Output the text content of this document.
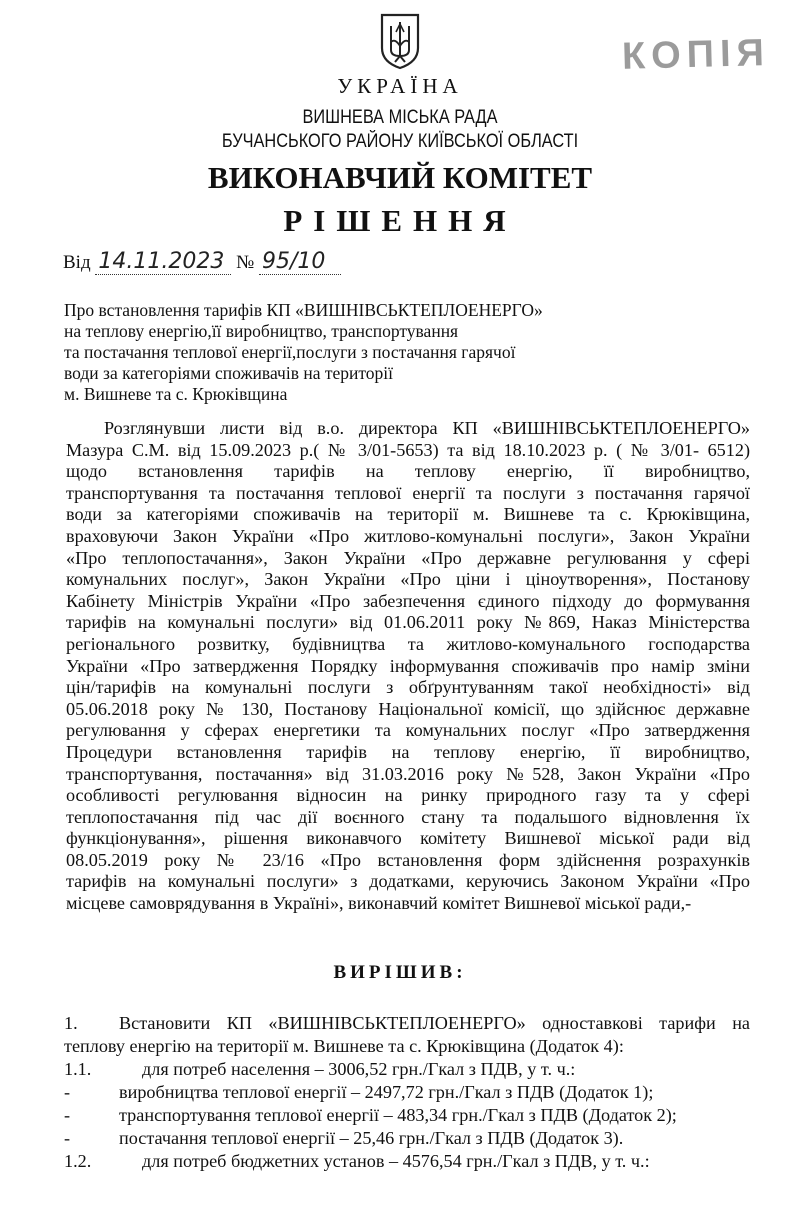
КОПІЯ
УКРАЇНА
ВИШНЕВА МІСЬКА РАДА
БУЧАНСЬКОГО РАЙОНУ КИЇВСЬКОЇ ОБЛАСТІ
ВИКОНАВЧИЙ КОМІТЕТ
РІШЕННЯ
Від 14.11.2023 № 95/10
Про встановлення тарифів КП «ВИШНІВСЬКТЕПЛОЕНЕРГО»
на теплову енергію,її виробництво, транспортування
та постачання теплової енергії,послуги з постачання гарячої
води за категоріями споживачів на території
м. Вишневе та с. Крюківщина
Розглянувши листи від в.о. директора КП «ВИШНІВСЬКТЕПЛОЕНЕРГО»
Мазура С.М. від 15.09.2023 р.( № 3/01-5653) та від 18.10.2023 р. ( № 3/01- 6512)
щодо встановлення тарифів на теплову енергію, її виробництво,
транспортування та постачання теплової енергії та послуги з постачання гарячої
води за категоріями споживачів на території м. Вишневе та с. Крюківщина,
враховуючи Закон України «Про житлово-комунальні послуги», Закон України
«Про теплопостачання», Закон України «Про державне регулювання у сфері
комунальних послуг», Закон України «Про ціни і ціноутворення», Постанову
Кабінету Міністрів України «Про забезпечення єдиного підходу до формування
тарифів на комунальні послуги» від 01.06.2011 року №869, Наказ Міністерства
регіонального розвитку, будівництва та житлово-комунального господарства
України «Про затвердження Порядку інформування споживачів про намір зміни
цін/тарифів на комунальні послуги з обґрунтуванням такої необхідності» від
05.06.2018 року № 130, Постанову Національної комісії, що здійснює державне
регулювання у сферах енергетики та комунальних послуг «Про затвердження
Процедури встановлення тарифів на теплову енергію, її виробництво,
транспортування, постачання» від 31.03.2016 року №528, Закон України «Про
особливості регулювання відносин на ринку природного газу та у сфері
теплопостачання під час дії воєнного стану та подальшого відновлення їх
функціонування», рішення виконавчого комітету Вишневої міської ради від
08.05.2019 року № 23/16 «Про встановлення форм здійснення розрахунків
тарифів на комунальні послуги» з додатками, керуючись Законом України «Про
місцеве самоврядування в Україні», виконавчий комітет Вишневої міської ради,-
ВИРІШИВ:
1. Встановити КП «ВИШНІВСЬКТЕПЛОЕНЕРГО» одноставкові тарифи на
теплову енергію на території м. Вишневе та с. Крюківщина (Додаток 4):
1.1.	для потреб населення – 3006,52 грн./Гкал з ПДВ, у т. ч.:
-	виробництва теплової енергії – 2497,72 грн./Гкал з ПДВ (Додаток 1);
-	транспортування теплової енергії – 483,34 грн./Гкал з ПДВ (Додаток 2);
-	постачання теплової енергії – 25,46 грн./Гкал з ПДВ (Додаток 3).
1.2.	для потреб бюджетних установ – 4576,54 грн./Гкал з ПДВ, у т. ч.:
